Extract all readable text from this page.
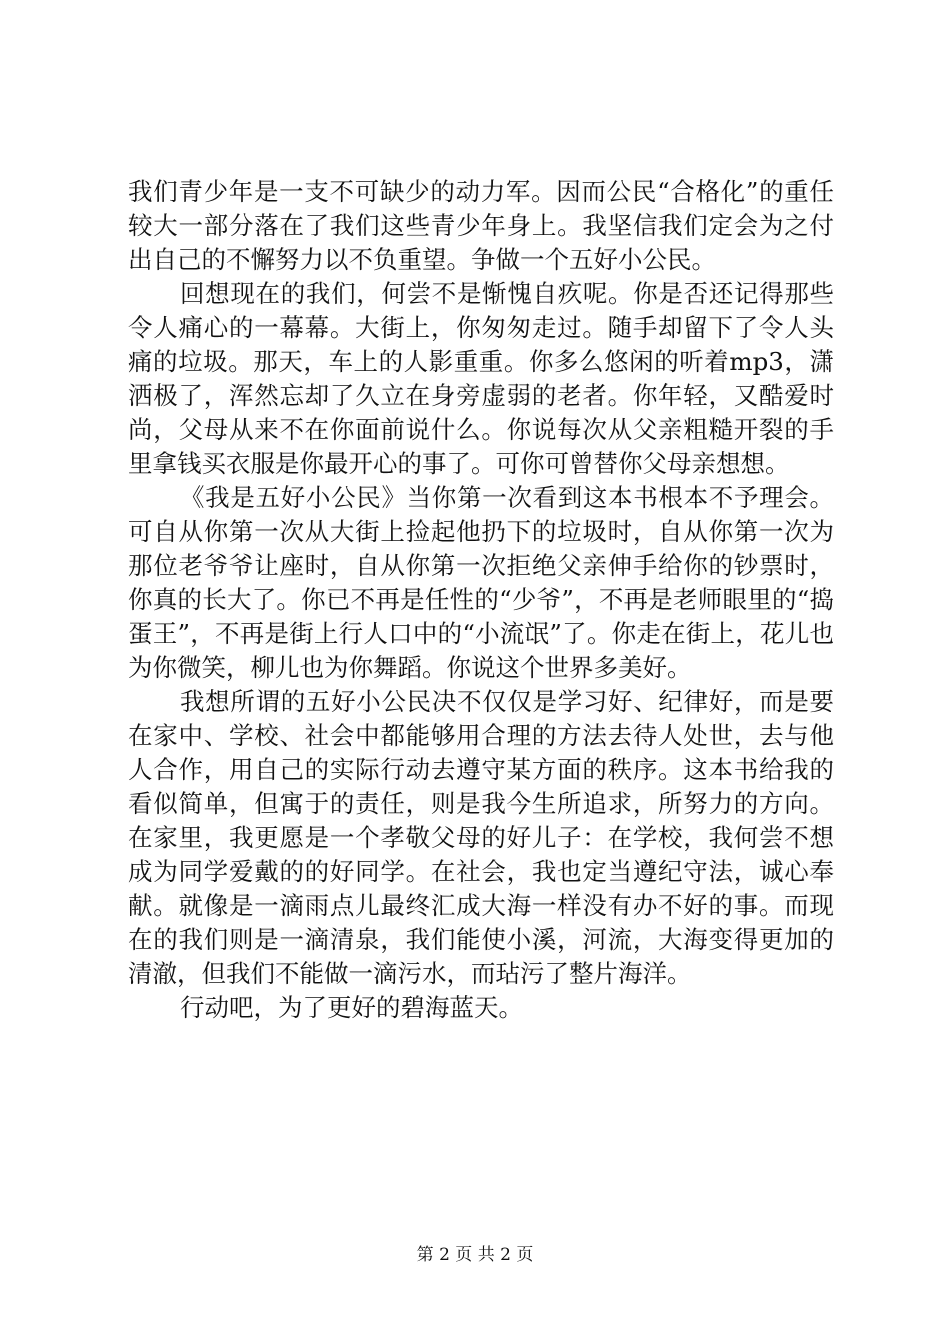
我们青少年是一支不可缺少的动力军。因而公民“合格化”的重任较大一部分落在了我们这些青少年身上。我坚信我们定会为之付出自己的不懈努力以不负重望。争做一个五好小公民。

回想现在的我们，何尝不是惭愧自疚呢。你是否还记得那些令人痛心的一幕幕。大街上，你匆匆走过。随手却留下了令人头痛的垃圾。那天，车上的人影重重。你多么悠闲的听着mp3，潇洒极了，浑然忘却了久立在身旁虚弱的老者。你年轻，又酷爱时尚，父母从来不在你面前说什么。你说每次从父亲粗糙开裂的手里拿钱买衣服是你最开心的事了。可你可曾替你父母亲想想。

《我是五好小公民》当你第一次看到这本书根本不予理会。可自从你第一次从大街上捡起他扔下的垃圾时，自从你第一次为那位老爷爷让座时，自从你第一次拒绝父亲伸手给你的钞票时，你真的长大了。你已不再是任性的“少爷”，不再是老师眼里的“捣蛋王”，不再是街上行人口中的“小流氓”了。你走在街上，花儿也为你微笑，柳儿也为你舞蹈。你说这个世界多美好。

我想所谓的五好小公民决不仅仅是学习好、纪律好，而是要在家中、学校、社会中都能够用合理的方法去待人处世，去与他人合作，用自己的实际行动去遵守某方面的秩序。这本书给我的看似简单，但寓于的责任，则是我今生所追求，所努力的方向。在家里，我更愿是一个孝敬父母的好儿子：在学校，我何尝不想成为同学爱戴的的好同学。在社会，我也定当遵纪守法，诚心奉献。就像是一滴雨点儿最终汇成大海一样没有办不好的事。而现在的我们则是一滴清泉，我们能使小溪，河流，大海变得更加的清澈，但我们不能做一滴污水，而玷污了整片海洋。

行动吧，为了更好的碧海蓝天。

第 2 页 共 2 页
